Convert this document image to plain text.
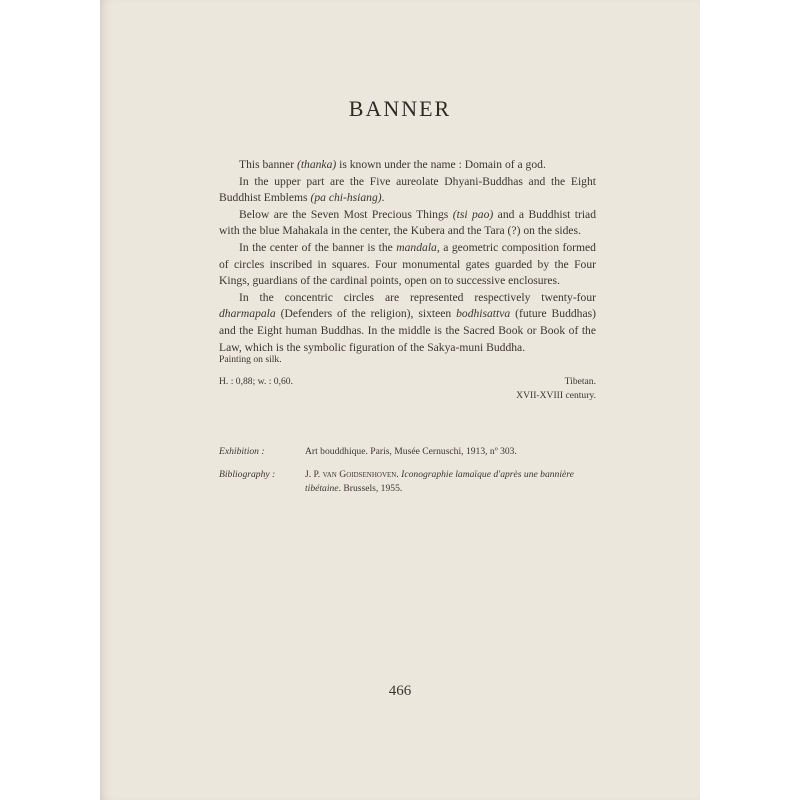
BANNER

This banner (thanka) is known under the name : Domain of a god.

In the upper part are the Five aureolate Dhyani-Buddhas and the Eight Buddhist Emblems (pa chi-hsiang).

Below are the Seven Most Precious Things (tsi pao) and a Buddhist triad with the blue Mahakala in the center, the Kubera and the Tara (?) on the sides.

In the center of the banner is the mandala, a geometric composition formed of circles inscribed in squares. Four monumental gates guarded by the Four Kings, guardians of the cardinal points, open on to successive enclosures.

In the concentric circles are represented respectively twenty-four dharmapala (Defenders of the religion), sixteen bodhisattva (future Buddhas) and the Eight human Buddhas. In the middle is the Sacred Book or Book of the Law, which is the symbolic figuration of the Sakya-muni Buddha.

Painting on silk.
H. : 0,88; w. : 0,60.	Tibetan.
XVII-XVIII century.
Exhibition :	Art bouddhique. Paris, Musée Cernuschi, 1913, nº 303.
Bibliography :	J. P. van Goidsenhoven. Iconographie lamaïque d'après une bannière tibétaine. Brussels, 1955.
466
